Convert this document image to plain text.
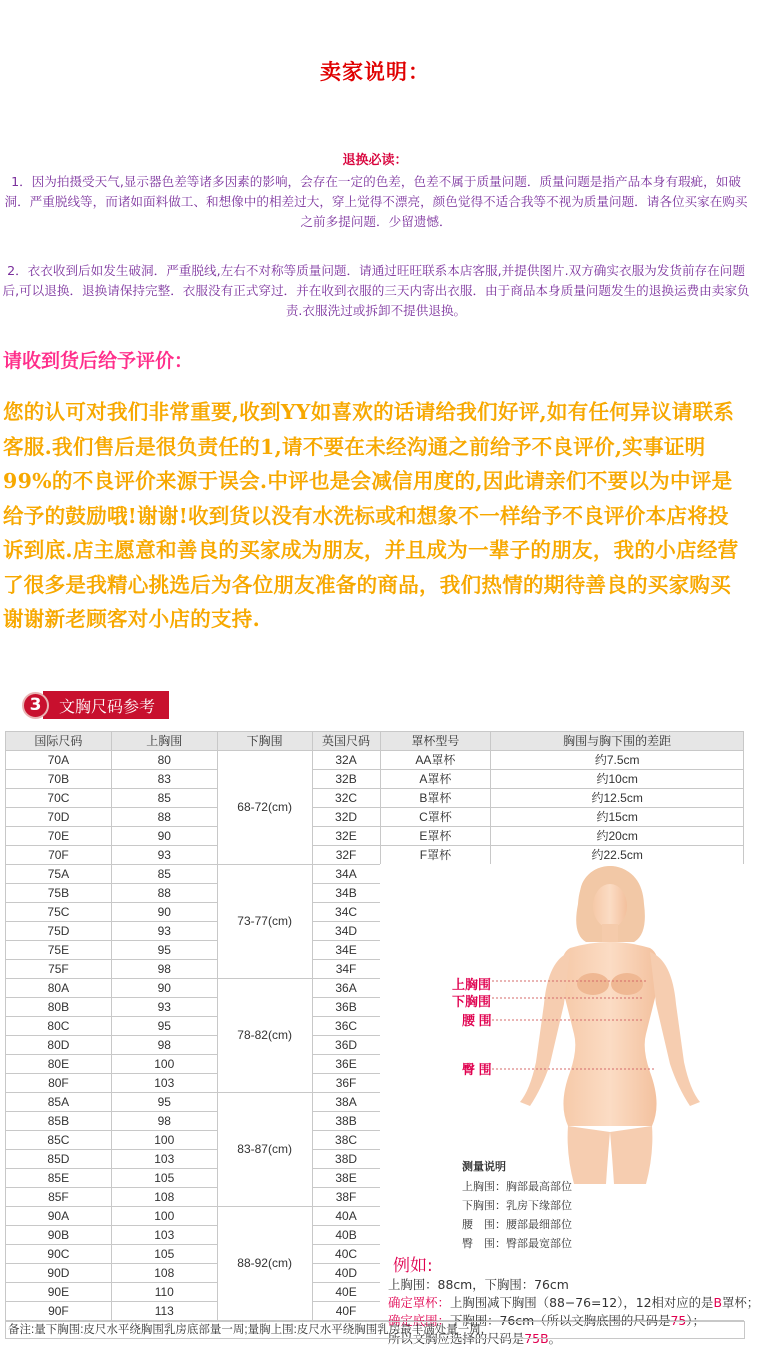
卖家说明：
退换必读：
1．因为拍摄受天气,显示器色差等诸多因素的影响，会存在一定的色差，色差不属于质量问题．质量问题是指产品本身有瑕疵，如破洞．严重脱线等，而诸如面料做工、和想像中的相差过大，穿上觉得不漂亮，颜色觉得不适合我等不视为质量问题．请各位买家在购买之前多提问题．少留遗憾．
2．衣衣收到后如发生破洞．严重脱线,左右不对称等质量问题．请通过旺旺联系本店客服,并提供图片.双方确实衣服为发货前存在问题后,可以退换．退换请保持完整．衣服没有正式穿过．并在收到衣服的三天内寄出衣服．由于商品本身质量问题发生的退换运费由卖家负责.衣服洗过或拆卸不提供退换。
请收到货后给予评价：
您的认可对我们非常重要,收到YY如喜欢的话请给我们好评,如有任何异议请联系客服.我们售后是很负责任的1,请不要在未经沟通之前给予不良评价,实事证明99%的不良评价来源于误会.中评也是会减信用度的,因此请亲们不要以为中评是给予的鼓励哦!谢谢!收到货以没有水洗标或和想象不一样给予不良评价本店将投诉到底.店主愿意和善良的买家成为朋友，并且成为一辈子的朋友，我的小店经营了很多是我精心挑选后为各位朋友准备的商品，我们热情的期待善良的买家购买谢谢新老顾客对小店的支持.
3	文胸尺码参考
国际尺码	上胸围	下胸围	英国尺码	罩杯型号	胸围与胸下围的差距
70A	80	68-72(cm)	32A	AA罩杯	约7.5cm
70B	83		32B	A罩杯	约10cm
70C	85		32C	B罩杯	约12.5cm
70D	88		32D	C罩杯	约15cm
70E	90		32E	E罩杯	约20cm
70F	93		32F	F罩杯	约22.5cm
75A	85	73-77(cm)	34A		
75B	88		34B		
75C	90		34C		
75D	93		34D		
75E	95		34E		
75F	98		34F		
80A	90	78-82(cm)	36A		
80B	93		36B		
80C	95		36C		
80D	98		36D		
80E	100		36E		
80F	103		36F		
85A	95	83-87(cm)	38A		
85B	98		38B		
85C	100		38C		
85D	103		38D		
85E	105		38E		
85F	108		38F		
90A	100	88-92(cm)	40A		
90B	103		40B		
90C	105		40C		
90D	108		40D		
90E	110		40E		
90F	113		40F		
上胸围
下胸围
腰 围
臀 围
测量说明
上胸围：胸部最高部位
下胸围：乳房下缘部位
腰　围：腰部最细部位
臀　围：臀部最宽部位
例如:
上胸围：88cm，下胸围：76cm
确定罩杯：上胸围减下胸围（88−76=12），12相对应的是B罩杯；
确定底围：下胸围：76cm（所以文胸底围的尺码是75）；
所以文胸应选择的尺码是75B。
备注:量下胸围:皮尺水平绕胸围乳房底部量一周;量胸上围:皮尺水平绕胸围乳房最丰满处量一周.
